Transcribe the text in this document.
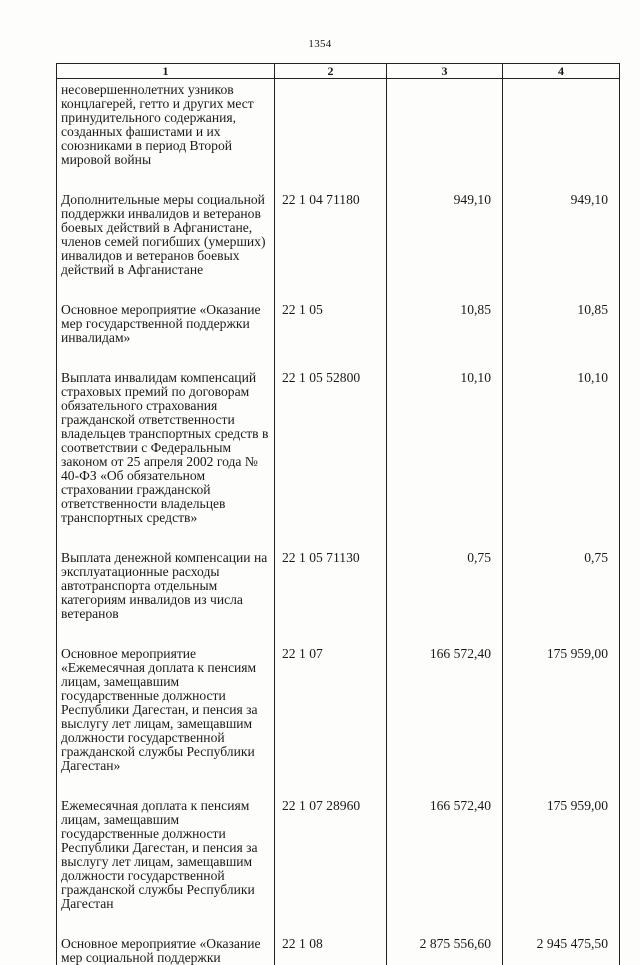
1354
1	2	3	4
несовершеннолетних узников концлагерей, гетто и других мест принудительного содержания, созданных фашистами и их союзниками в период Второй мировой войны			
Дополнительные меры социальной поддержки инвалидов и ветеранов боевых действий в Афганистане, членов семей погибших (умерших) инвалидов и ветеранов боевых действий в Афганистане	22 1 04 71180	949,10	949,10
Основное мероприятие «Оказание мер государственной поддержки инвалидам»	22 1 05	10,85	10,85
Выплата инвалидам компенсаций страховых премий по договорам обязательного страхования гражданской ответственности владельцев транспортных средств в соответствии с Федеральным законом от 25 апреля 2002 года № 40-ФЗ «Об обязательном страховании гражданской ответственности владельцев транспортных средств»	22 1 05 52800	10,10	10,10
Выплата денежной компенсации на эксплуатационные расходы автотранспорта отдельным категориям инвалидов из числа ветеранов	22 1 05 71130	0,75	0,75
Основное мероприятие «Ежемесячная доплата к пенсиям лицам, замещавшим государственные должности Республики Дагестан, и пенсия за выслугу лет лицам, замещавшим должности государственной гражданской службы Республики Дагестан»	22 1 07	166 572,40	175 959,00
Ежемесячная доплата к пенсиям лицам, замещавшим государственные должности Республики Дагестан, и пенсия за выслугу лет лицам, замещавшим должности государственной гражданской службы Республики Дагестан	22 1 07 28960	166 572,40	175 959,00
Основное мероприятие «Оказание мер социальной поддержки	22 1 08	2 875 556,60	2 945 475,50
